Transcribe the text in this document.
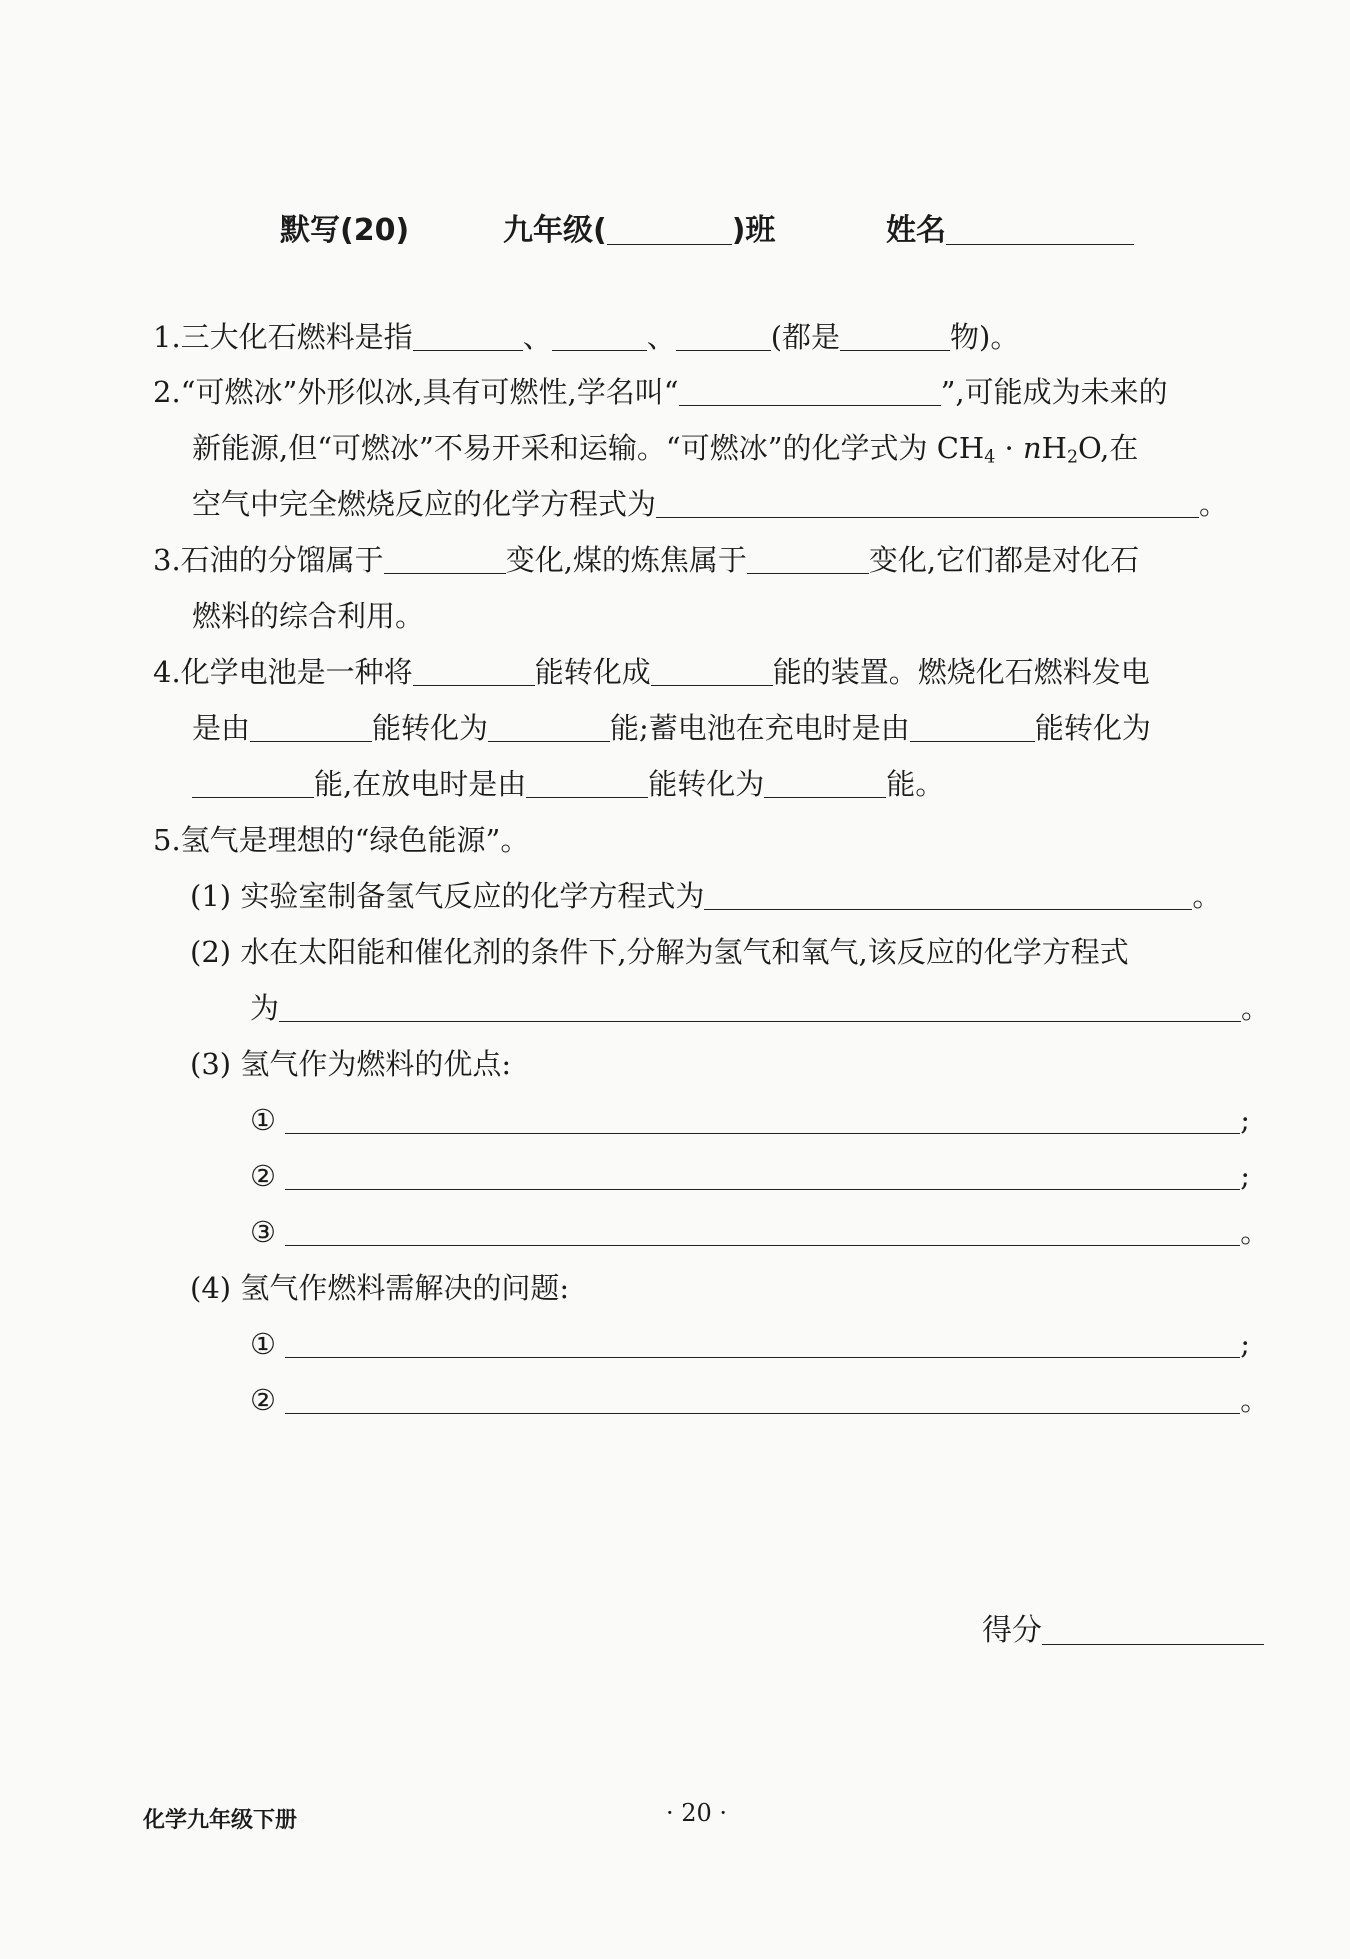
默写(20)	九年级(	)班	姓名
1.三大化石燃料是指	、	、	(都是	物)。
2.“可燃冰”外形似冰,具有可燃性,学名叫“	”,可能成为未来的
新能源,但“可燃冰”不易开采和运输。“可燃冰”的化学式为 $CH_4 \cdot nH_2O$,在
空气中完全燃烧反应的化学方程式为	。
3.石油的分馏属于	变化,煤的炼焦属于	变化,它们都是对化石
燃料的综合利用。
4.化学电池是一种将	能转化成	能的装置。燃烧化石燃料发电
是由	能转化为	能;蓄电池在充电时是由	能转化为
能,在放电时是由	能转化为	能。
5.氢气是理想的“绿色能源”。
(1) 实验室制备氢气反应的化学方程式为	。
(2) 水在太阳能和催化剂的条件下,分解为氢气和氧气,该反应的化学方程式
为	。
(3) 氢气作为燃料的优点:
①	;
②	;
③	。
(4) 氢气作燃料需解决的问题:
①	;
②	。
得分
化学九年级下册	· 20 ·
